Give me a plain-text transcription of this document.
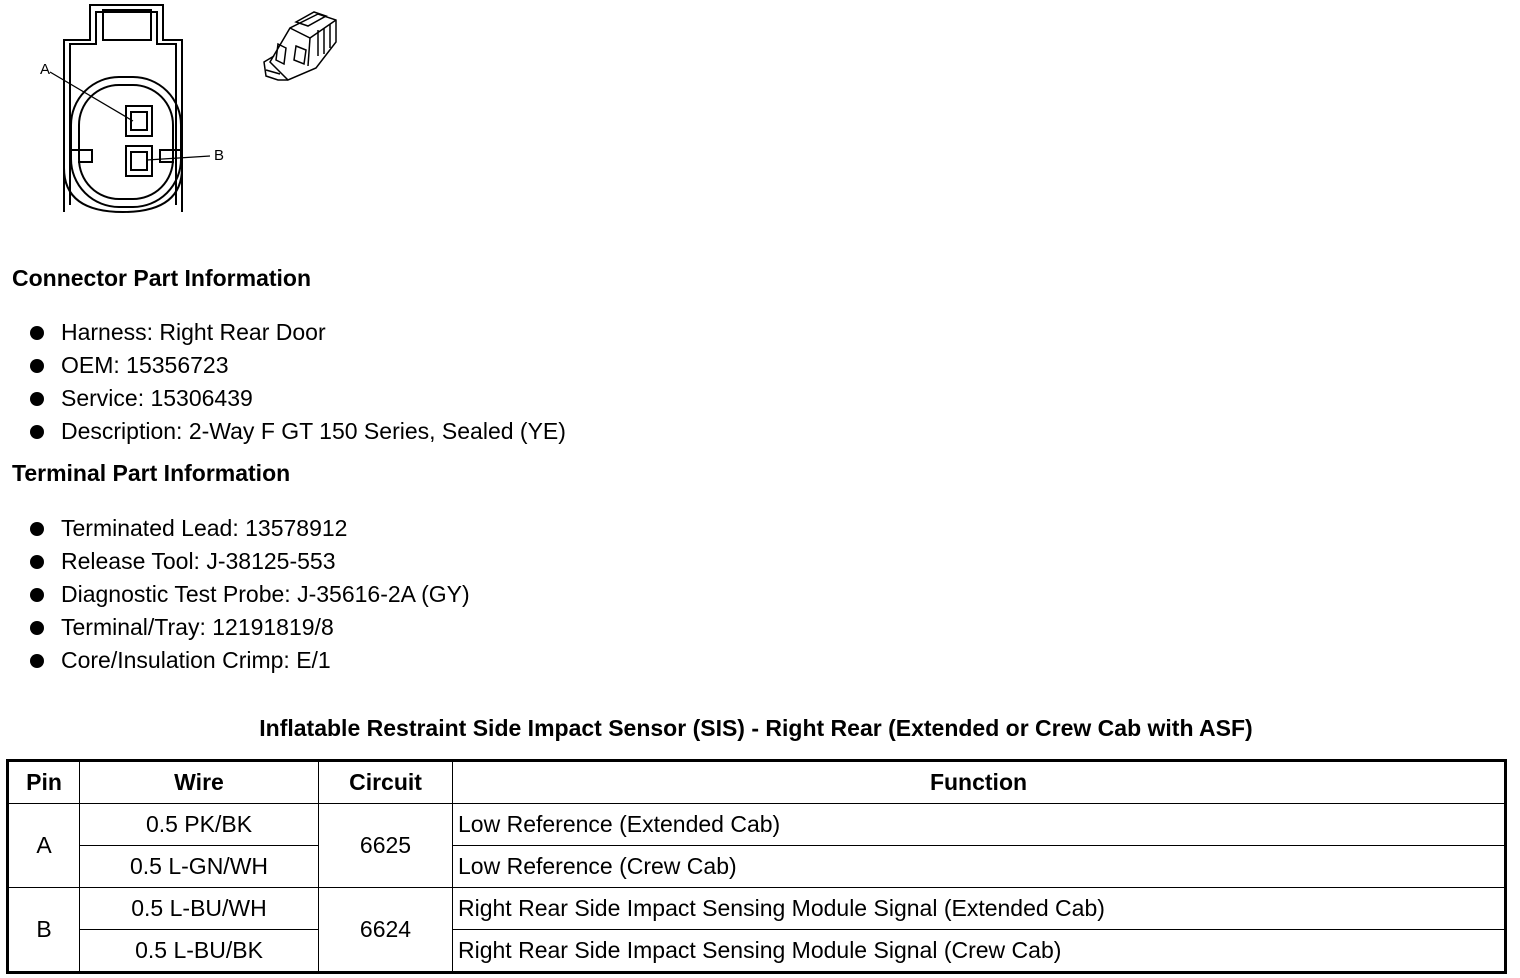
A
B
Connector Part Information
Harness: Right Rear Door
OEM: 15356723
Service: 15306439
Description: 2-Way F GT 150 Series, Sealed (YE)
Terminal Part Information
Terminated Lead: 13578912
Release Tool: J-38125-553
Diagnostic Test Probe: J-35616-2A (GY)
Terminal/Tray: 12191819/8
Core/Insulation Crimp: E/1
Inflatable Restraint Side Impact Sensor (SIS) - Right Rear (Extended or Crew Cab with ASF)
Pin	Wire	Circuit	Function
A	0.5 PK/BK	6625	Low Reference (Extended Cab)
	0.5 L-GN/WH		Low Reference (Crew Cab)
B	0.5 L-BU/WH	6624	Right Rear Side Impact Sensing Module Signal (Extended Cab)
	0.5 L-BU/BK		Right Rear Side Impact Sensing Module Signal (Crew Cab)
